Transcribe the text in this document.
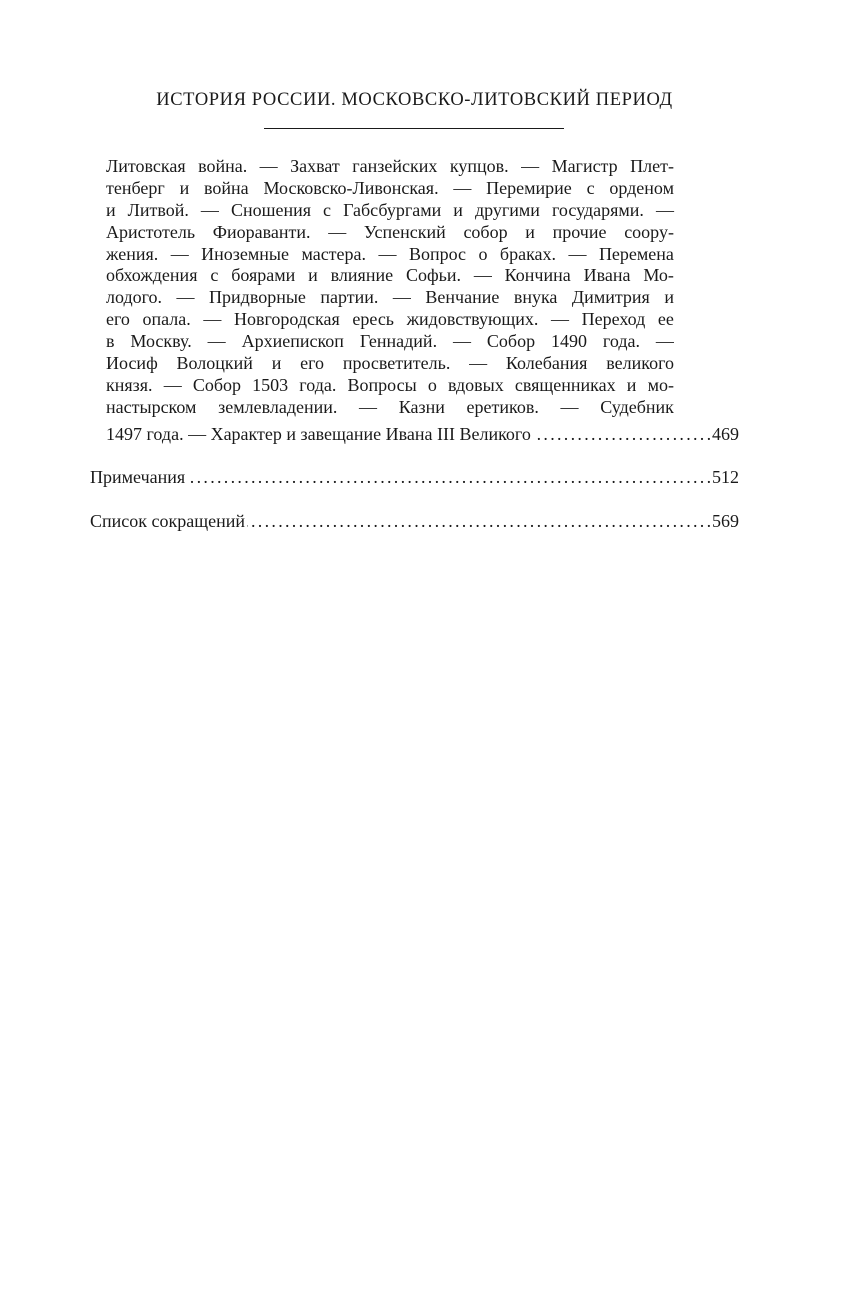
ИСТОРИЯ РОССИИ. МОСКОВСКО-ЛИТОВСКИЙ ПЕРИОД
Литовская война. — Захват ганзейских купцов. — Магистр Плет-
тенберг и война Московско-Ливонская. — Перемирие с орденом
и Литвой. — Сношения с Габсбургами и другими государями. —
Аристотель Фиораванти. — Успенский собор и прочие соору-
жения. — Иноземные мастера. — Вопрос о браках. — Перемена
обхождения с боярами и влияние Софьи. — Кончина Ивана Мо-
лодого. — Придворные партии. — Венчание внука Димитрия и
его опала. — Новгородская ересь жидовствующих. — Переход ее
в Москву. — Архиепископ Геннадий. — Собор 1490 года. —
Иосиф Волоцкий и его просветитель. — Колебания великого
князя. — Собор 1503 года. Вопросы о вдовых священниках и мо-
настырском землевладении. — Казни еретиков. — Судебник
1497 года. — Характер и завещание Ивана III Великого . . .	469
Примечания . . .	512
Список сокращений . . .	569
